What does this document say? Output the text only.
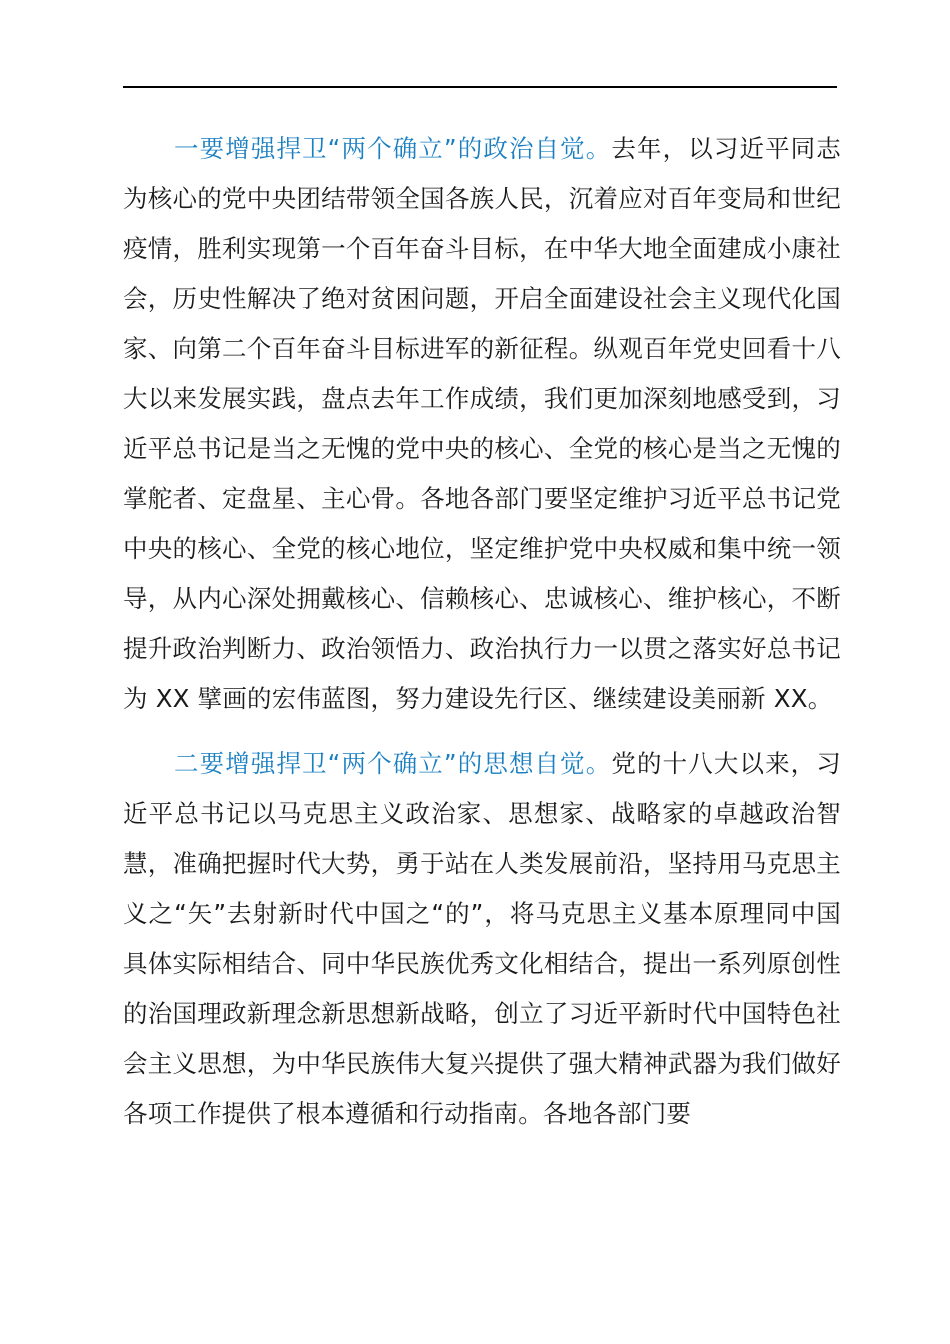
一要增强捍卫“两个确立”的政治自觉。去年，以习近平同志为核心的党中央团结带领全国各族人民，沉着应对百年变局和世纪疫情，胜利实现第一个百年奋斗目标，在中华大地全面建成小康社会，历史性解决了绝对贫困问题，开启全面建设社会主义现代化国家、向第二个百年奋斗目标进军的新征程。纵观百年党史回看十八大以来发展实践，盘点去年工作成绩，我们更加深刻地感受到，习近平总书记是当之无愧的党中央的核心、全党的核心是当之无愧的掌舵者、定盘星、主心骨。各地各部门要坚定维护习近平总书记党中央的核心、全党的核心地位，坚定维护党中央权威和集中统一领导，从内心深处拥戴核心、信赖核心、忠诚核心、维护核心，不断提升政治判断力、政治领悟力、政治执行力一以贯之落实好总书记为 XX 擘画的宏伟蓝图，努力建设先行区、继续建设美丽新 XX。

二要增强捍卫“两个确立”的思想自觉。党的十八大以来，习近平总书记以马克思主义政治家、思想家、战略家的卓越政治智慧，准确把握时代大势，勇于站在人类发展前沿，坚持用马克思主义之“矢”去射新时代中国之“的”，将马克思主义基本原理同中国具体实际相结合、同中华民族优秀文化相结合，提出一系列原创性的治国理政新理念新思想新战略，创立了习近平新时代中国特色社会主义思想，为中华民族伟大复兴提供了强大精神武器为我们做好各项工作提供了根本遵循和行动指南。各地各部门要
